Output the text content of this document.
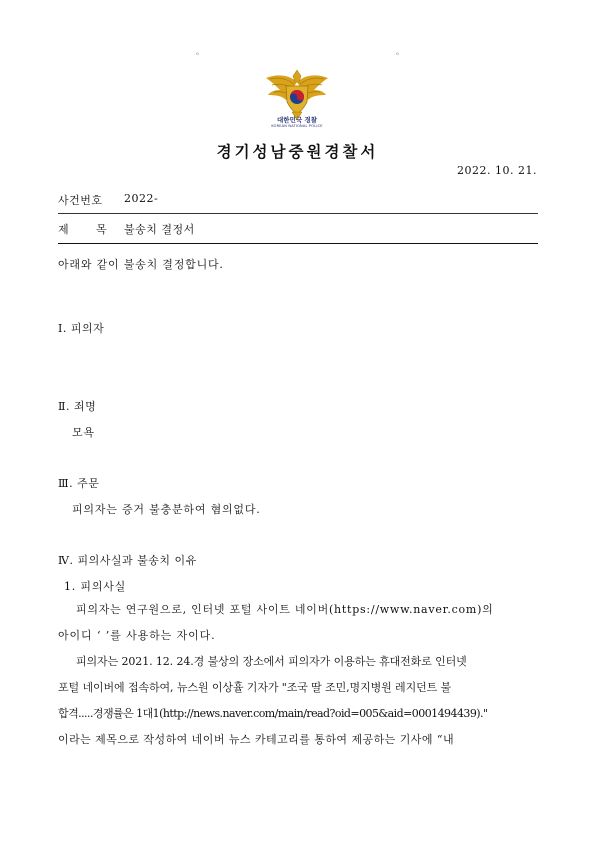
。	。
대한민국 경찰
KOREAN NATIONAL POLICE
경기성남중원경찰서
2022. 10. 21.
사건번호 2022-
제 목 불송치 결정서
아래와 같이 불송치 결정합니다.
Ⅰ. 피의자
Ⅱ. 죄명
모욕
Ⅲ. 주문
피의자는 증거 불충분하여 혐의없다.
Ⅳ. 피의사실과 불송치 이유
1. 피의사실
피의자는 연구원으로, 인터넷 포털 사이트 네이버(https://www.naver.com)의
아이디 ‘ ’를 사용하는 자이다.
피의자는 2021. 12. 24.경 불상의 장소에서 피의자가 이용하는 휴대전화로 인터넷
포털 네이버에 접속하여, 뉴스원 이상휼 기자가 "조국 딸 조민,명지병원 레지던트 불
합격.....경쟁률은 1대1(http://news.naver.com/main/read?oid=005&aid=0001494439)."
이라는 제목으로 작성하여 네이버 뉴스 카테고리를 통하여 제공하는 기사에 “내
